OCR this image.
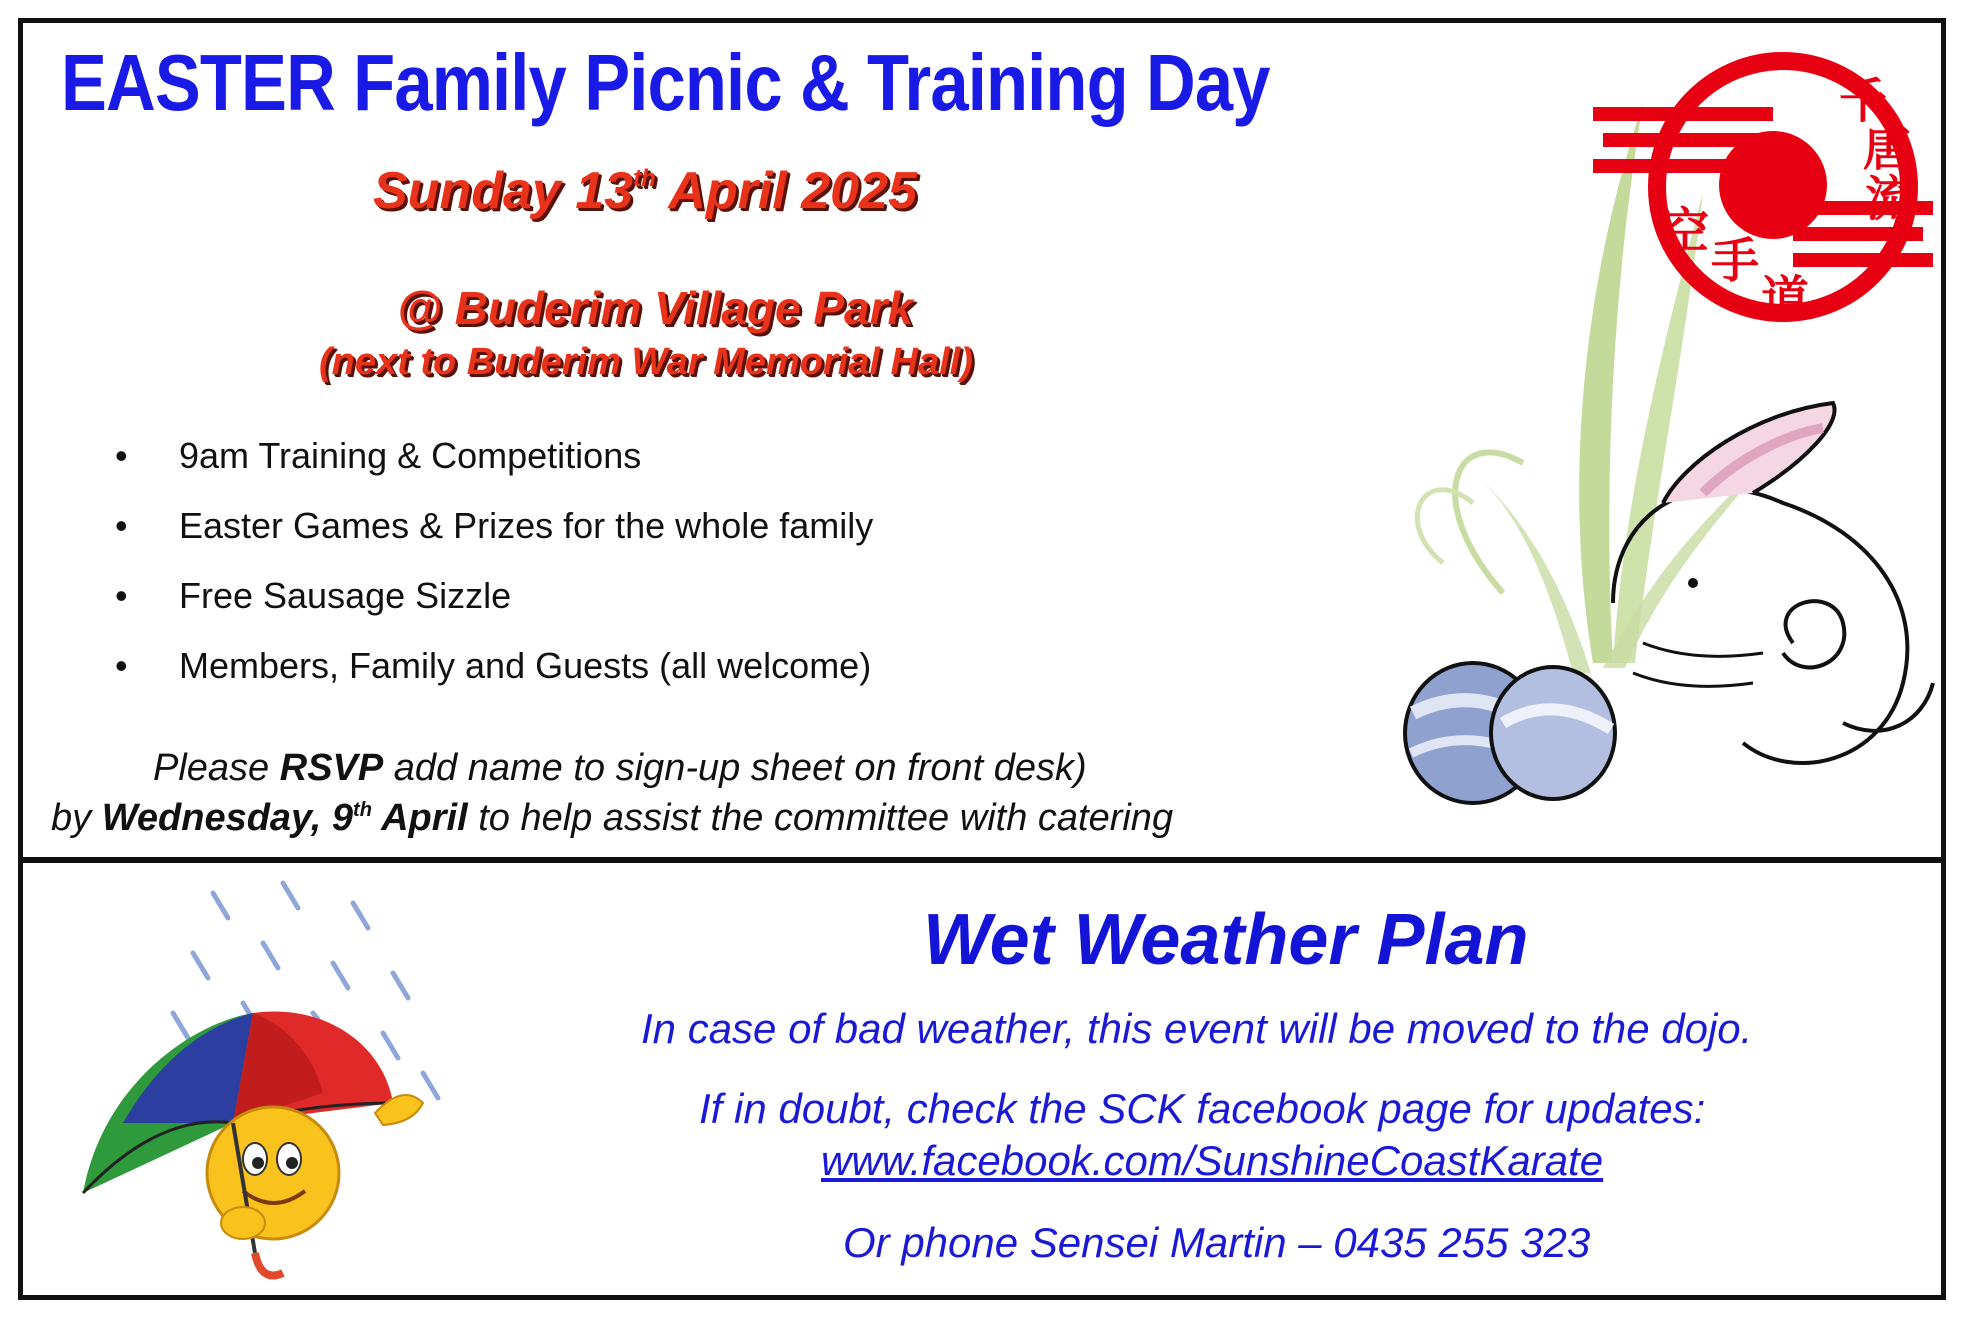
EASTER Family Picnic & Training Day
Sunday 13th April 2025
@ Buderim Village Park
(next to Buderim War Memorial Hall)
• 9am Training & Competitions
• Easter Games & Prizes for the whole family
• Free Sausage Sizzle
• Members, Family and Guests (all welcome)
Please RSVP add name to sign-up sheet on front desk)
by Wednesday, 9th April to help assist the committee with catering
千
唐
流
空
手
道
Wet Weather Plan
In case of bad weather, this event will be moved to the dojo.
If in doubt, check the SCK facebook page for updates:
www.facebook.com/SunshineCoastKarate
Or phone Sensei Martin – 0435 255 323
